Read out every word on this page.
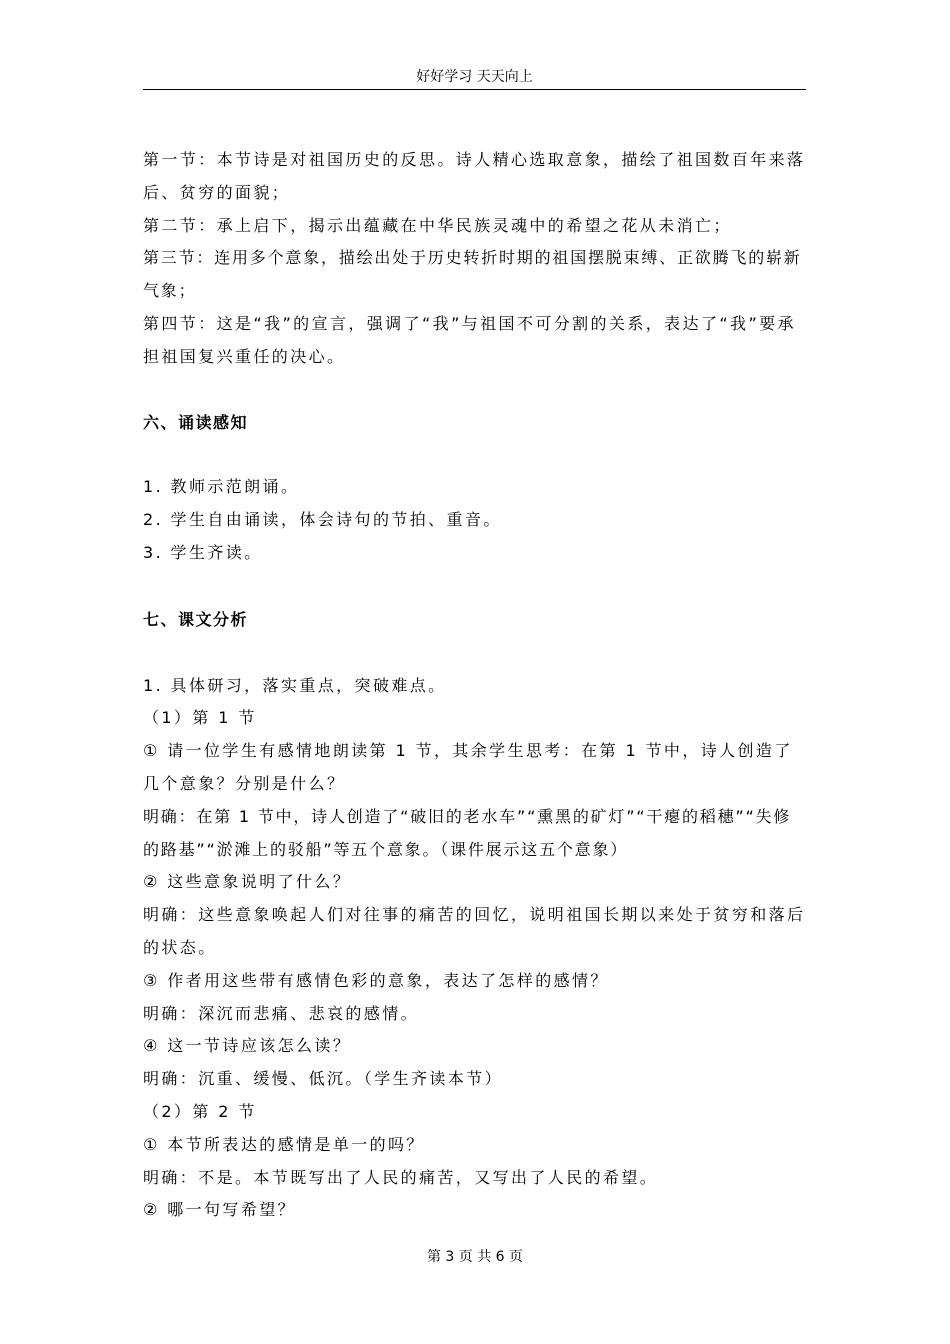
好好学习 天天向上

第一节：本节诗是对祖国历史的反思。诗人精心选取意象，描绘了祖国数百年来落后、贫穷的面貌；

第二节：承上启下，揭示出蕴藏在中华民族灵魂中的希望之花从未消亡；

第三节：连用多个意象，描绘出处于历史转折时期的祖国摆脱束缚、正欲腾飞的崭新气象；

第四节：这是“我”的宣言，强调了“我”与祖国不可分割的关系，表达了“我”要承担祖国复兴重任的决心。

六、诵读感知

1. 教师示范朗诵。

2. 学生自由诵读，体会诗句的节拍、重音。

3. 学生齐读。

七、课文分析

1. 具体研习，落实重点，突破难点。

（1）第 1 节

① 请一位学生有感情地朗读第 1 节，其余学生思考：在第 1 节中，诗人创造了几个意象？分别是什么？

明确：在第 1 节中，诗人创造了“破旧的老水车”“熏黑的矿灯”“干瘪的稻穗”“失修的路基”“淤滩上的驳船”等五个意象。（课件展示这五个意象）

② 这些意象说明了什么？

明确：这些意象唤起人们对往事的痛苦的回忆，说明祖国长期以来处于贫穷和落后的状态。

③ 作者用这些带有感情色彩的意象，表达了怎样的感情？

明确：深沉而悲痛、悲哀的感情。

④ 这一节诗应该怎么读？

明确：沉重、缓慢、低沉。（学生齐读本节）

（2）第 2 节

① 本节所表达的感情是单一的吗？

明确：不是。本节既写出了人民的痛苦，又写出了人民的希望。

② 哪一句写希望？

第 3 页 共 6 页
